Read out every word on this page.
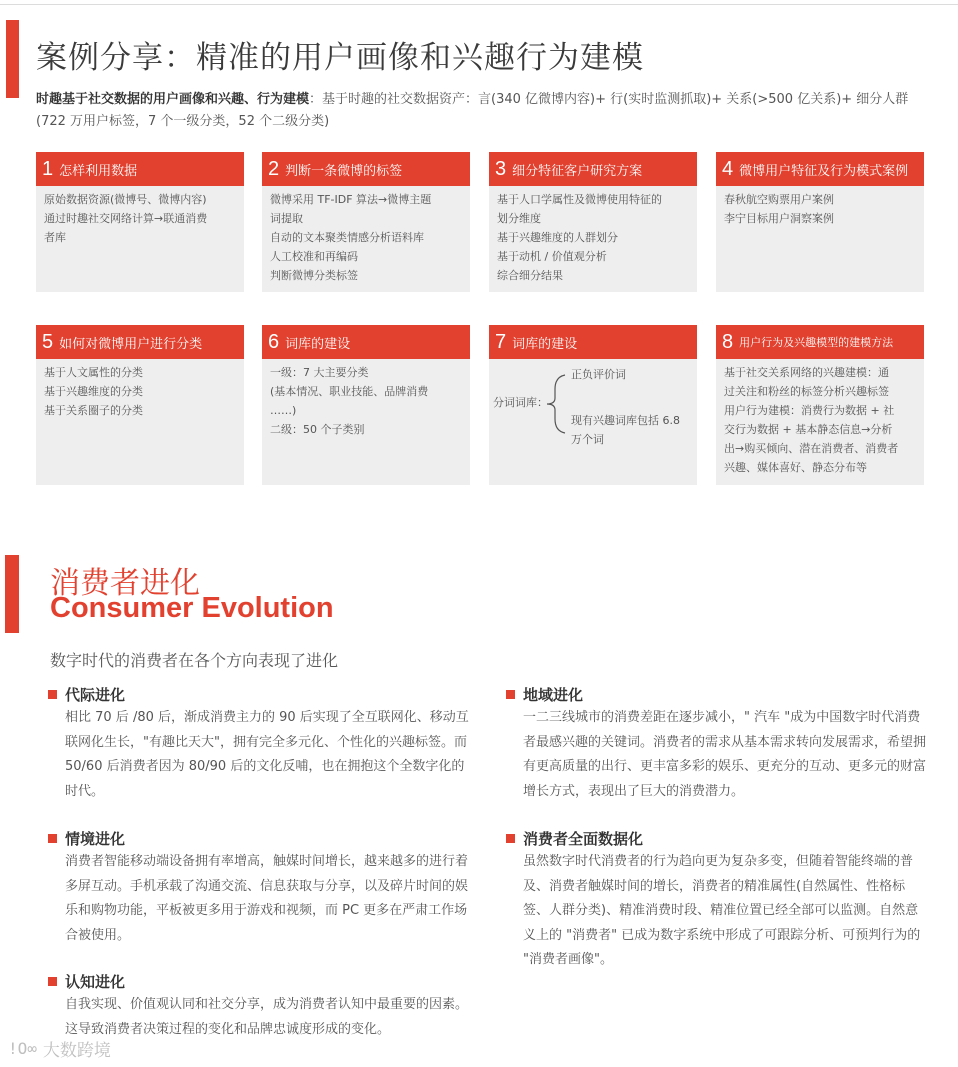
案例分享：精准的用户画像和兴趣行为建模
时趣基于社交数据的用户画像和兴趣、行为建模：基于时趣的社交数据资产：言(340 亿微博内容)+ 行(实时监测抓取)+ 关系(>500 亿关系)+ 细分人群(722 万用户标签，7 个一级分类，52 个二级分类)
1 怎样利用数据
原始数据资源(微博号、微博内容)
通过时趣社交网络计算→联通消费
者库
2 判断一条微博的标签
微博采用 TF-IDF 算法→微博主题
词提取
自动的文本聚类情感分析语料库
人工校准和再编码
判断微博分类标签
3 细分特征客户研究方案
基于人口学属性及微博使用特征的
划分维度
基于兴趣维度的人群划分
基于动机 / 价值观分析
综合细分结果
4 微博用户特征及行为模式案例
春秋航空购票用户案例
李宁目标用户洞察案例
5 如何对微博用户进行分类
基于人文属性的分类
基于兴趣维度的分类
基于关系圈子的分类
6 词库的建设
一级：7 大主要分类
(基本情况、职业技能、品牌消费
……)
二级：50 个子类别
7 词库的建设
分词词库：
正负评价词
现有兴趣词库包括 6.8 万个词
8 用户行为及兴趣模型的建模方法
基于社交关系网络的兴趣建模：通
过关注和粉丝的标签分析兴趣标签
用户行为建模：消费行为数据 + 社
交行为数据 + 基本静态信息→分析
出→购买倾向、潜在消费者、消费者
兴趣、媒体喜好、静态分布等
消费者进化
Consumer Evolution
数字时代的消费者在各个方向表现了进化
代际进化
相比 70 后 /80 后，渐成消费主力的 90 后实现了全互联网化、移动互联网化生长，"有趣比天大"，拥有完全多元化、个性化的兴趣标签。而 50/60 后消费者因为 80/90 后的文化反哺，也在拥抱这个全数字化的时代。
情境进化
消费者智能移动端设备拥有率增高，触媒时间增长，越来越多的进行着多屏互动。手机承载了沟通交流、信息获取与分享，以及碎片时间的娱乐和购物功能，平板被更多用于游戏和视频，而 PC 更多在严肃工作场合被使用。
认知进化
自我实现、价值观认同和社交分享，成为消费者认知中最重要的因素。这导致消费者决策过程的变化和品牌忠诚度形成的变化。
地域进化
一二三线城市的消费差距在逐步减小，" 汽车 "成为中国数字时代消费者最感兴趣的关键词。消费者的需求从基本需求转向发展需求，希望拥有更高质量的出行、更丰富多彩的娱乐、更充分的互动、更多元的财富增长方式，表现出了巨大的消费潜力。
消费者全面数据化
虽然数字时代消费者的行为趋向更为复杂多变，但随着智能终端的普及、消费者触媒时间的增长，消费者的精准属性(自然属性、性格标签、人群分类)、精准消费时段、精准位置已经全部可以监测。自然意义上的 "消费者" 已成为数字系统中形成了可跟踪分析、可预判行为的 "消费者画像"。
!O∞ 大数跨境
